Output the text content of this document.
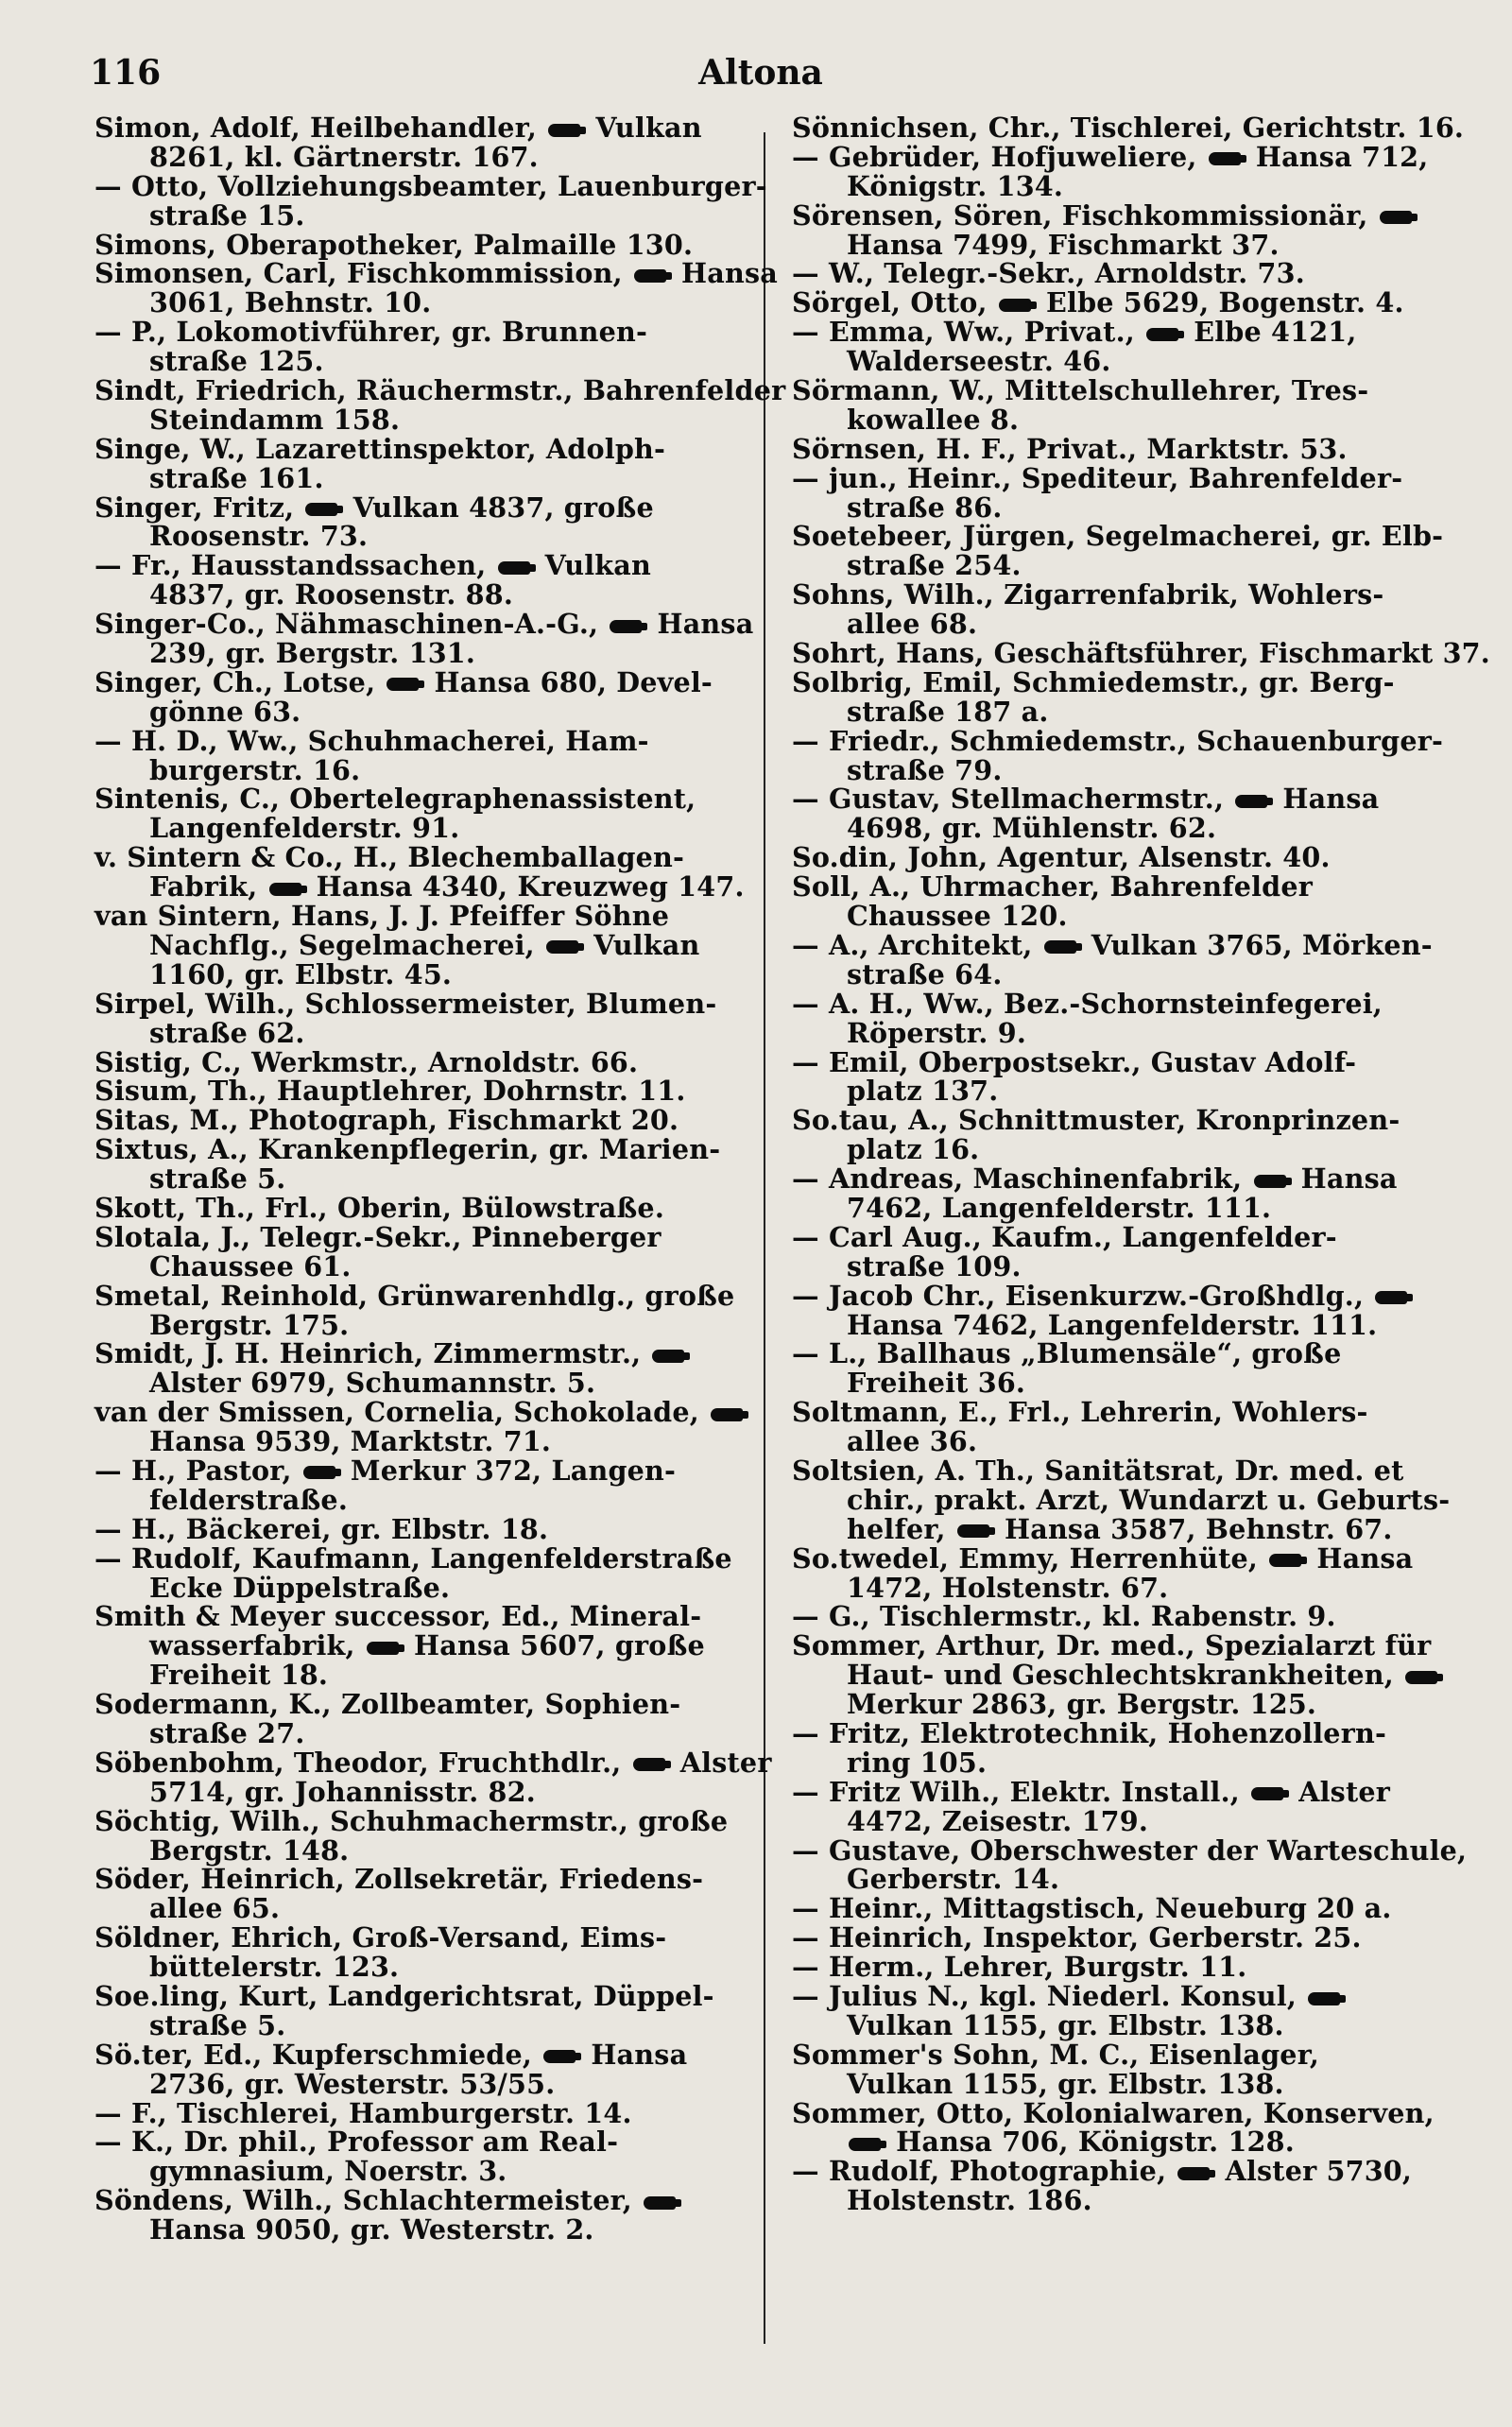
116	Altona
Simon, Adolf, Heilbehandler,  Vulkan
8261, kl. Gärtnerstr. 167.
— Otto, Vollziehungsbeamter, Lauenburger-
straße 15.
Simons, Oberapotheker, Palmaille 130.
Simonsen, Carl, Fischkommission,  Hansa
3061, Behnstr. 10.
— P., Lokomotivführer, gr. Brunnen-
straße 125.
Sindt, Friedrich, Räuchermstr., Bahrenfelder
Steindamm 158.
Singe, W., Lazarettinspektor, Adolph-
straße 161.
Singer, Fritz,  Vulkan 4837, große
Roosenstr. 73.
— Fr., Hausstandssachen,  Vulkan
4837, gr. Roosenstr. 88.
Singer-Co., Nähmaschinen-A.-G.,  Hansa
239, gr. Bergstr. 131.
Singer, Ch., Lotse,  Hansa 680, Devel-
gönne 63.
— H. D., Ww., Schuhmacherei, Ham-
burgerstr. 16.
Sintenis, C., Obertelegraphenassistent,
Langenfelderstr. 91.
v. Sintern & Co., H., Blechemballagen-
Fabrik,  Hansa 4340, Kreuzweg 147.
van Sintern, Hans, J. J. Pfeiffer Söhne
Nachflg., Segelmacherei,  Vulkan
1160, gr. Elbstr. 45.
Sirpel, Wilh., Schlossermeister, Blumen-
straße 62.
Sistig, C., Werkmstr., Arnoldstr. 66.
Sisum, Th., Hauptlehrer, Dohrnstr. 11.
Sitas, M., Photograph, Fischmarkt 20.
Sixtus, A., Krankenpflegerin, gr. Marien-
straße 5.
Skott, Th., Frl., Oberin, Bülowstraße.
Slotala, J., Telegr.-Sekr., Pinneberger
Chaussee 61.
Smetal, Reinhold, Grünwarenhdlg., große
Bergstr. 175.
Smidt, J. H. Heinrich, Zimmermstr.,
Alster 6979, Schumannstr. 5.
van der Smissen, Cornelia, Schokolade,
Hansa 9539, Marktstr. 71.
— H., Pastor,  Merkur 372, Langen-
felderstraße.
— H., Bäckerei, gr. Elbstr. 18.
— Rudolf, Kaufmann, Langenfelderstraße
Ecke Düppelstraße.
Smith & Meyer successor, Ed., Mineral-
wasserfabrik,  Hansa 5607, große
Freiheit 18.
Sodermann, K., Zollbeamter, Sophien-
straße 27.
Söbenbohm, Theodor, Fruchthdlr.,  Alster
5714, gr. Johannisstr. 82.
Söchtig, Wilh., Schuhmachermstr., große
Bergstr. 148.
Söder, Heinrich, Zollsekretär, Friedens-
allee 65.
Söldner, Ehrich, Groß-Versand, Eims-
büttelerstr. 123.
Soe.ling, Kurt, Landgerichtsrat, Düppel-
straße 5.
Sö.ter, Ed., Kupferschmiede,  Hansa
2736, gr. Westerstr. 53/55.
— F., Tischlerei, Hamburgerstr. 14.
— K., Dr. phil., Professor am Real-
gymnasium, Noerstr. 3.
Söndens, Wilh., Schlachtermeister,
Hansa 9050, gr. Westerstr. 2.
Sönnichsen, Chr., Tischlerei, Gerichtstr. 16.
— Gebrüder, Hofjuweliere,  Hansa 712,
Königstr. 134.
Sörensen, Sören, Fischkommissionär,
Hansa 7499, Fischmarkt 37.
— W., Telegr.-Sekr., Arnoldstr. 73.
Sörgel, Otto,  Elbe 5629, Bogenstr. 4.
— Emma, Ww., Privat.,  Elbe 4121,
Walderseestr. 46.
Sörmann, W., Mittelschullehrer, Tres-
kowallee 8.
Sörnsen, H. F., Privat., Marktstr. 53.
— jun., Heinr., Spediteur, Bahrenfelder-
straße 86.
Soetebeer, Jürgen, Segelmacherei, gr. Elb-
straße 254.
Sohns, Wilh., Zigarrenfabrik, Wohlers-
allee 68.
Sohrt, Hans, Geschäftsführer, Fischmarkt 37.
Solbrig, Emil, Schmiedemstr., gr. Berg-
straße 187 a.
— Friedr., Schmiedemstr., Schauenburger-
straße 79.
— Gustav, Stellmachermstr.,  Hansa
4698, gr. Mühlenstr. 62.
So.din, John, Agentur, Alsenstr. 40.
Soll, A., Uhrmacher, Bahrenfelder
Chaussee 120.
— A., Architekt,  Vulkan 3765, Mörken-
straße 64.
— A. H., Ww., Bez.-Schornsteinfegerei,
Röperstr. 9.
— Emil, Oberpostsekr., Gustav Adolf-
platz 137.
So.tau, A., Schnittmuster, Kronprinzen-
platz 16.
— Andreas, Maschinenfabrik,  Hansa
7462, Langenfelderstr. 111.
— Carl Aug., Kaufm., Langenfelder-
straße 109.
— Jacob Chr., Eisenkurzw.-Großhdlg.,
Hansa 7462, Langenfelderstr. 111.
— L., Ballhaus „Blumensäle“, große
Freiheit 36.
Soltmann, E., Frl., Lehrerin, Wohlers-
allee 36.
Soltsien, A. Th., Sanitätsrat, Dr. med. et
chir., prakt. Arzt, Wundarzt u. Geburts-
helfer,  Hansa 3587, Behnstr. 67.
So.twedel, Emmy, Herrenhüte,  Hansa
1472, Holstenstr. 67.
— G., Tischlermstr., kl. Rabenstr. 9.
Sommer, Arthur, Dr. med., Spezialarzt für
Haut- und Geschlechtskrankheiten,
Merkur 2863, gr. Bergstr. 125.
— Fritz, Elektrotechnik, Hohenzollern-
ring 105.
— Fritz Wilh., Elektr. Install.,  Alster
4472, Zeisestr. 179.
— Gustave, Oberschwester der Warteschule,
Gerberstr. 14.
— Heinr., Mittagstisch, Neueburg 20 a.
— Heinrich, Inspektor, Gerberstr. 25.
— Herm., Lehrer, Burgstr. 11.
— Julius N., kgl. Niederl. Konsul,
Vulkan 1155, gr. Elbstr. 138.
Sommer's Sohn, M. C., Eisenlager,
Vulkan 1155, gr. Elbstr. 138.
Sommer, Otto, Kolonialwaren, Konserven,
Hansa 706, Königstr. 128.
— Rudolf, Photographie,  Alster 5730,
Holstenstr. 186.
